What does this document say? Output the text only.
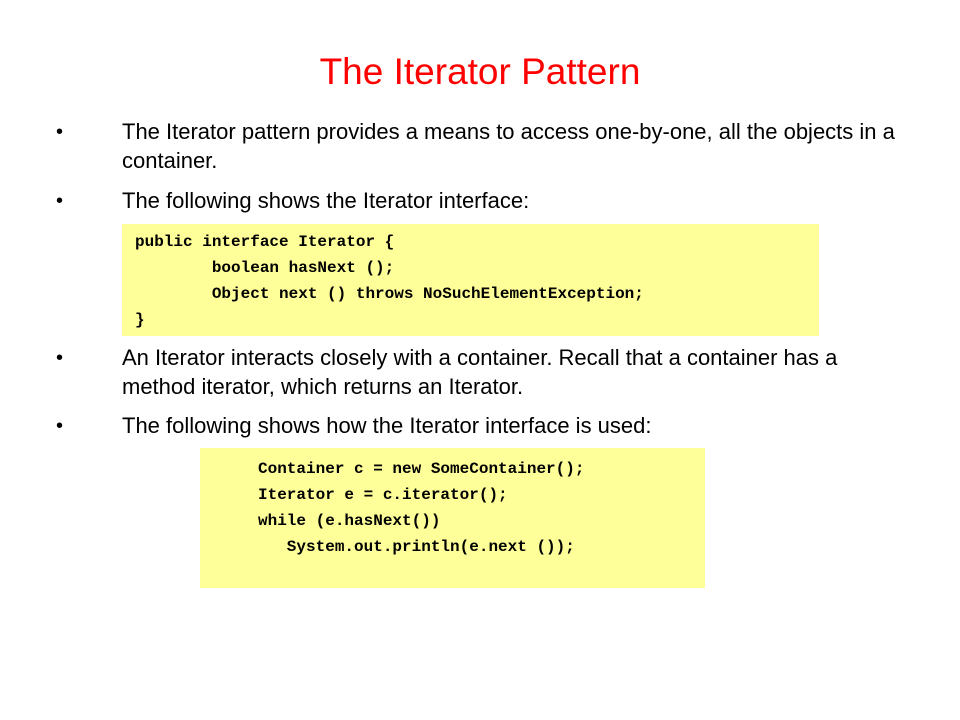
The Iterator Pattern
•	The Iterator pattern provides a means to access one-by-one, all the objects in a container.
•	The following shows the Iterator interface:
public interface Iterator {
boolean hasNext ();
Object next () throws NoSuchElementException;
}
•	An Iterator interacts closely with a container. Recall that a container has a method iterator, which returns an Iterator.
•	The following shows how the Iterator interface is used:
Container c = new SomeContainer();
Iterator e = c.iterator();
while (e.hasNext())
System.out.println(e.next ());
